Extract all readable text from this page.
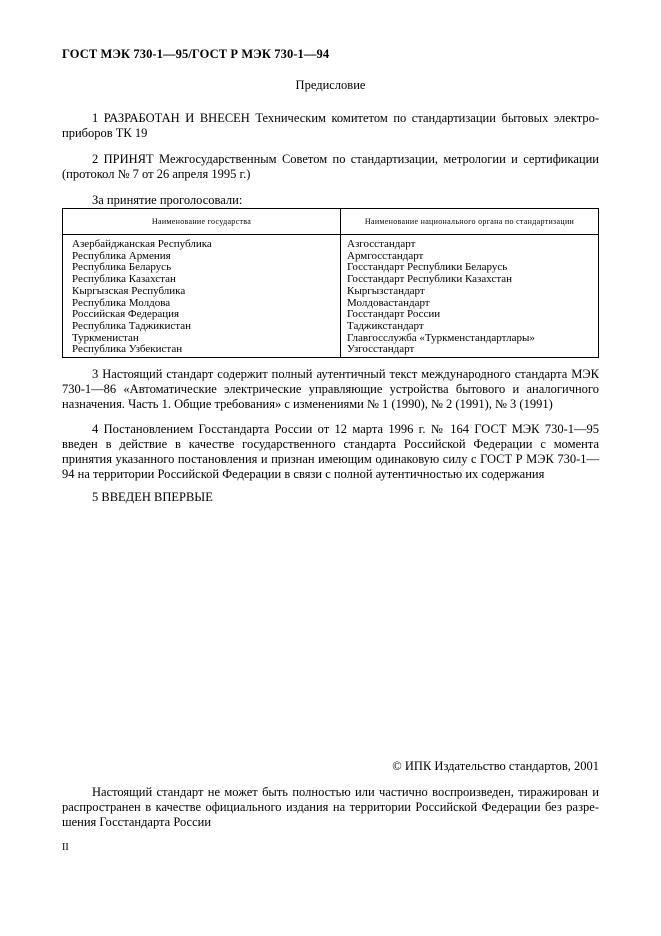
ГОСТ МЭК 730-1—95/ГОСТ Р МЭК 730-1—94
Предисловие

1 РАЗРАБОТАН И ВНЕСЕН Техническим комитетом по стандартизации бытовых электроприборов ТК 19

2 ПРИНЯТ Межгосударственным Советом по стандартизации, метрологии и сертификации (протокол № 7 от 26 апреля 1995 г.)

За принятие проголосовали:

Наименование государства	Наименование национального органа по стандартизации
Азербайджанская Республика	Азгосстандарт
Республика Армения	Армгосстандарт
Республика Беларусь	Госстандарт Республики Беларусь
Республика Казахстан	Госстандарт Республики Казахстан
Кыргызская Республика	Кыргызстандарт
Республика Молдова	Молдовастандарт
Российская Федерация	Госстандарт России
Республика Таджикистан	Таджикстандарт
Туркменистан	Главгосслужба «Туркменстандартлары»
Республика Узбекистан	Узгосстандарт

3 Настоящий стандарт содержит полный аутентичный текст международного стандарта МЭК 730-1—86 «Автоматические электрические управляющие устройства бытового и аналогичного назначения. Часть 1. Общие требования» с изменениями № 1 (1990), № 2 (1991), № 3 (1991)

4 Постановлением Госстандарта России от 12 марта 1996 г. № 164 ГОСТ МЭК 730-1—95 введен в действие в качестве государственного стандарта Российской Федерации с момента принятия указанного постановления и признан имеющим одинаковую силу с ГОСТ Р МЭК 730-1—94 на территории Российской Федерации в связи с полной аутентичностью их содержания

5 ВВЕДЕН ВПЕРВЫЕ

© ИПК Издательство стандартов, 2001

Настоящий стандарт не может быть полностью или частично воспроизведен, тиражирован и распространен в качестве официального издания на территории Российской Федерации без разрешения Госстандарта России

II
